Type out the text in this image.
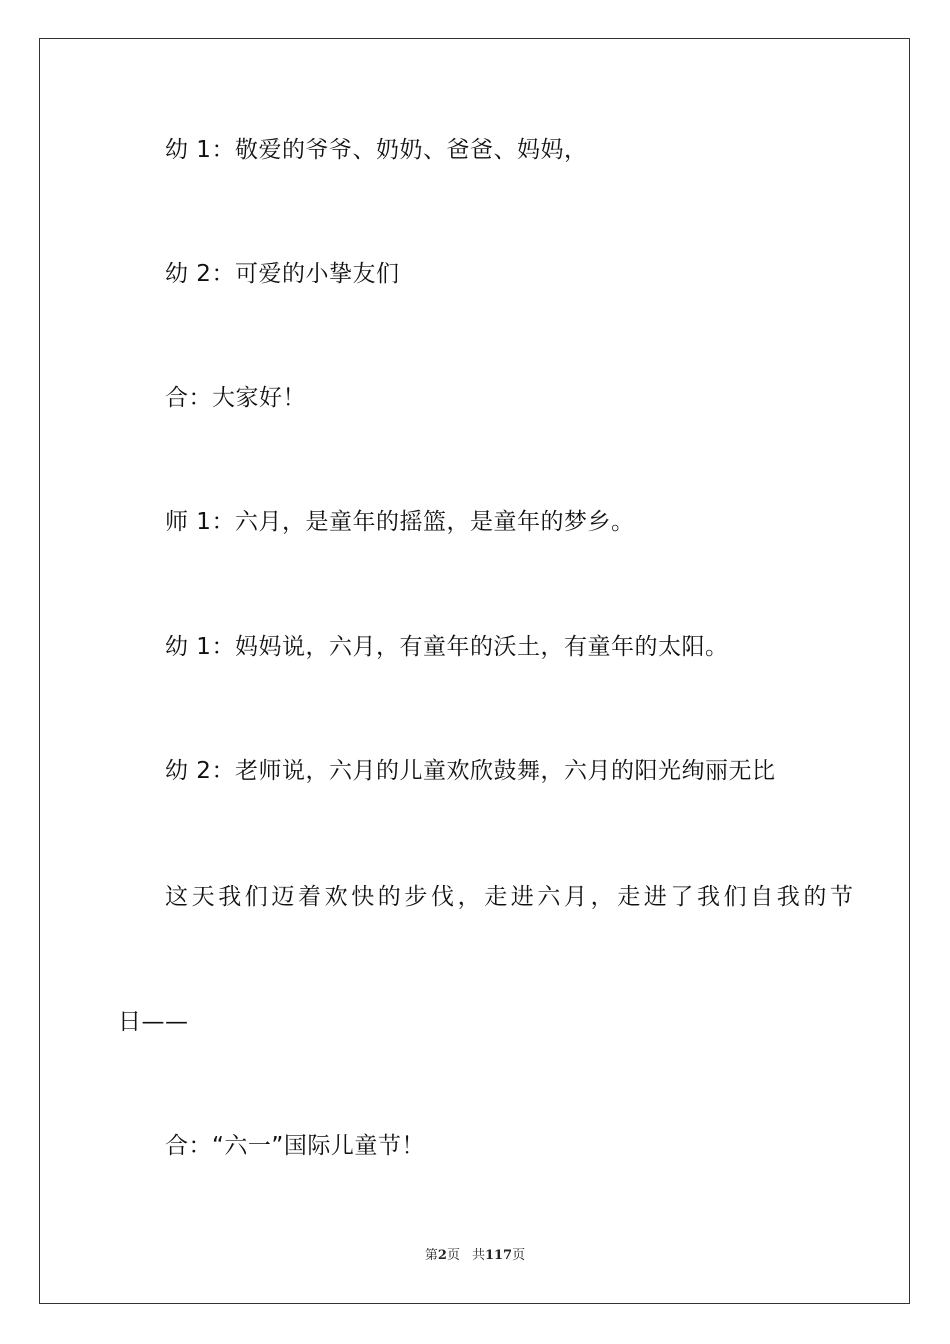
幼 1：敬爱的爷爷、奶奶、爸爸、妈妈，
幼 2：可爱的小挚友们
合：大家好！
师 1：六月，是童年的摇篮，是童年的梦乡。
幼 1：妈妈说，六月，有童年的沃土，有童年的太阳。
幼 2：老师说，六月的儿童欢欣鼓舞，六月的阳光绚丽无比
这天我们迈着欢快的步伐，走进六月，走进了我们自我的节
日——
合：“六一”国际儿童节！
第2页 共117页
